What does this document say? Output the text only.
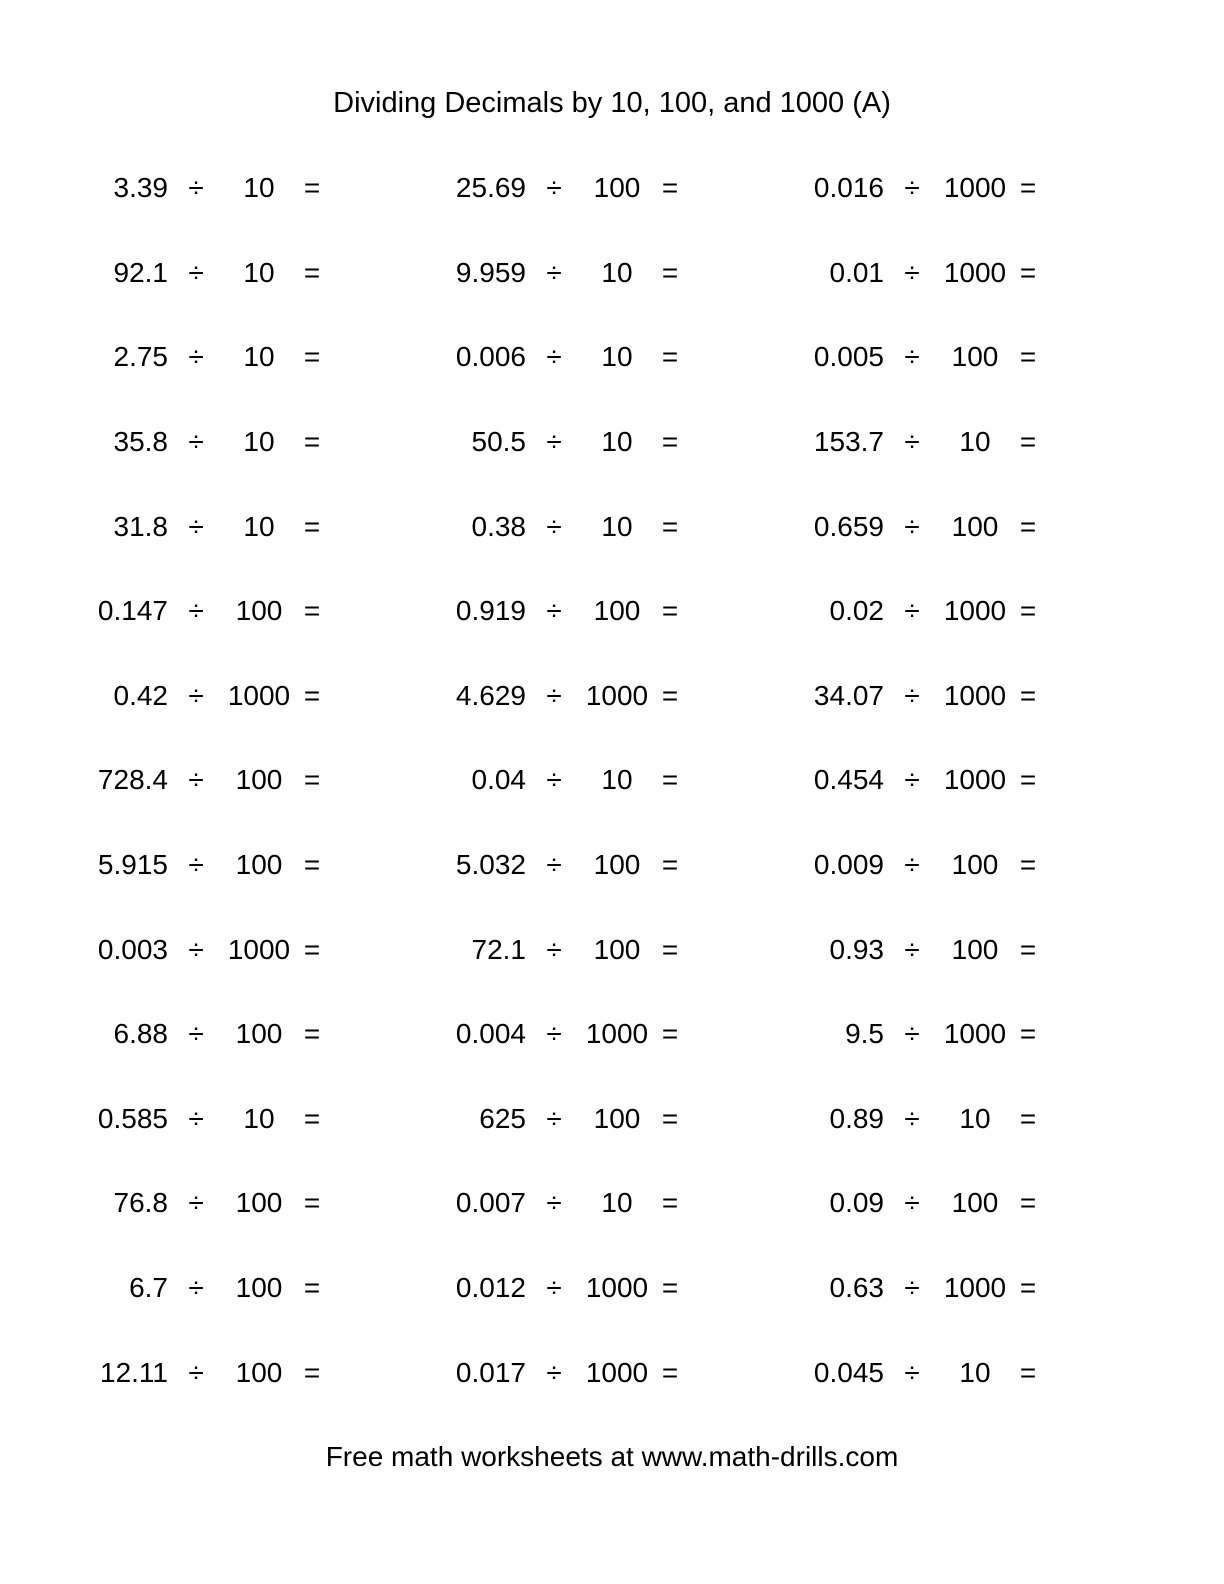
Dividing Decimals by 10, 100, and 1000 (A)
3.39 ÷	10	=	25.69 ÷	100 =	0.016 ÷ 1000 =
92.1 ÷	10	=	9.959 ÷	10	=	0.01 ÷ 1000 =
2.75 ÷	10	=	0.006 ÷	10	=	0.005 ÷	100 =
35.8 ÷	10	=	50.5 ÷	10	=	153.7 ÷	10	=
31.8 ÷	10	=	0.38 ÷	10	=	0.659 ÷	100 =
0.147 ÷	100 =	0.919 ÷	100 =	0.02 ÷ 1000 =
0.42 ÷ 1000 =	4.629 ÷ 1000 =	34.07 ÷ 1000 =
728.4 ÷	100 =	0.04 ÷	10	=	0.454 ÷ 1000 =
5.915 ÷	100 =	5.032 ÷	100 =	0.009 ÷	100 =
0.003 ÷ 1000 =	72.1 ÷	100 =	0.93 ÷	100 =
6.88 ÷	100 =	0.004 ÷ 1000 =	9.5 ÷ 1000 =
0.585 ÷	10	=	625 ÷	100 =	0.89 ÷	10	=
76.8 ÷	100 =	0.007 ÷	10	=	0.09 ÷	100 =
6.7 ÷	100 =	0.012 ÷ 1000 =	0.63 ÷ 1000 =
12.11 ÷	100 =	0.017 ÷ 1000 =	0.045 ÷	10	=
Free math worksheets at www.math-drills.com
